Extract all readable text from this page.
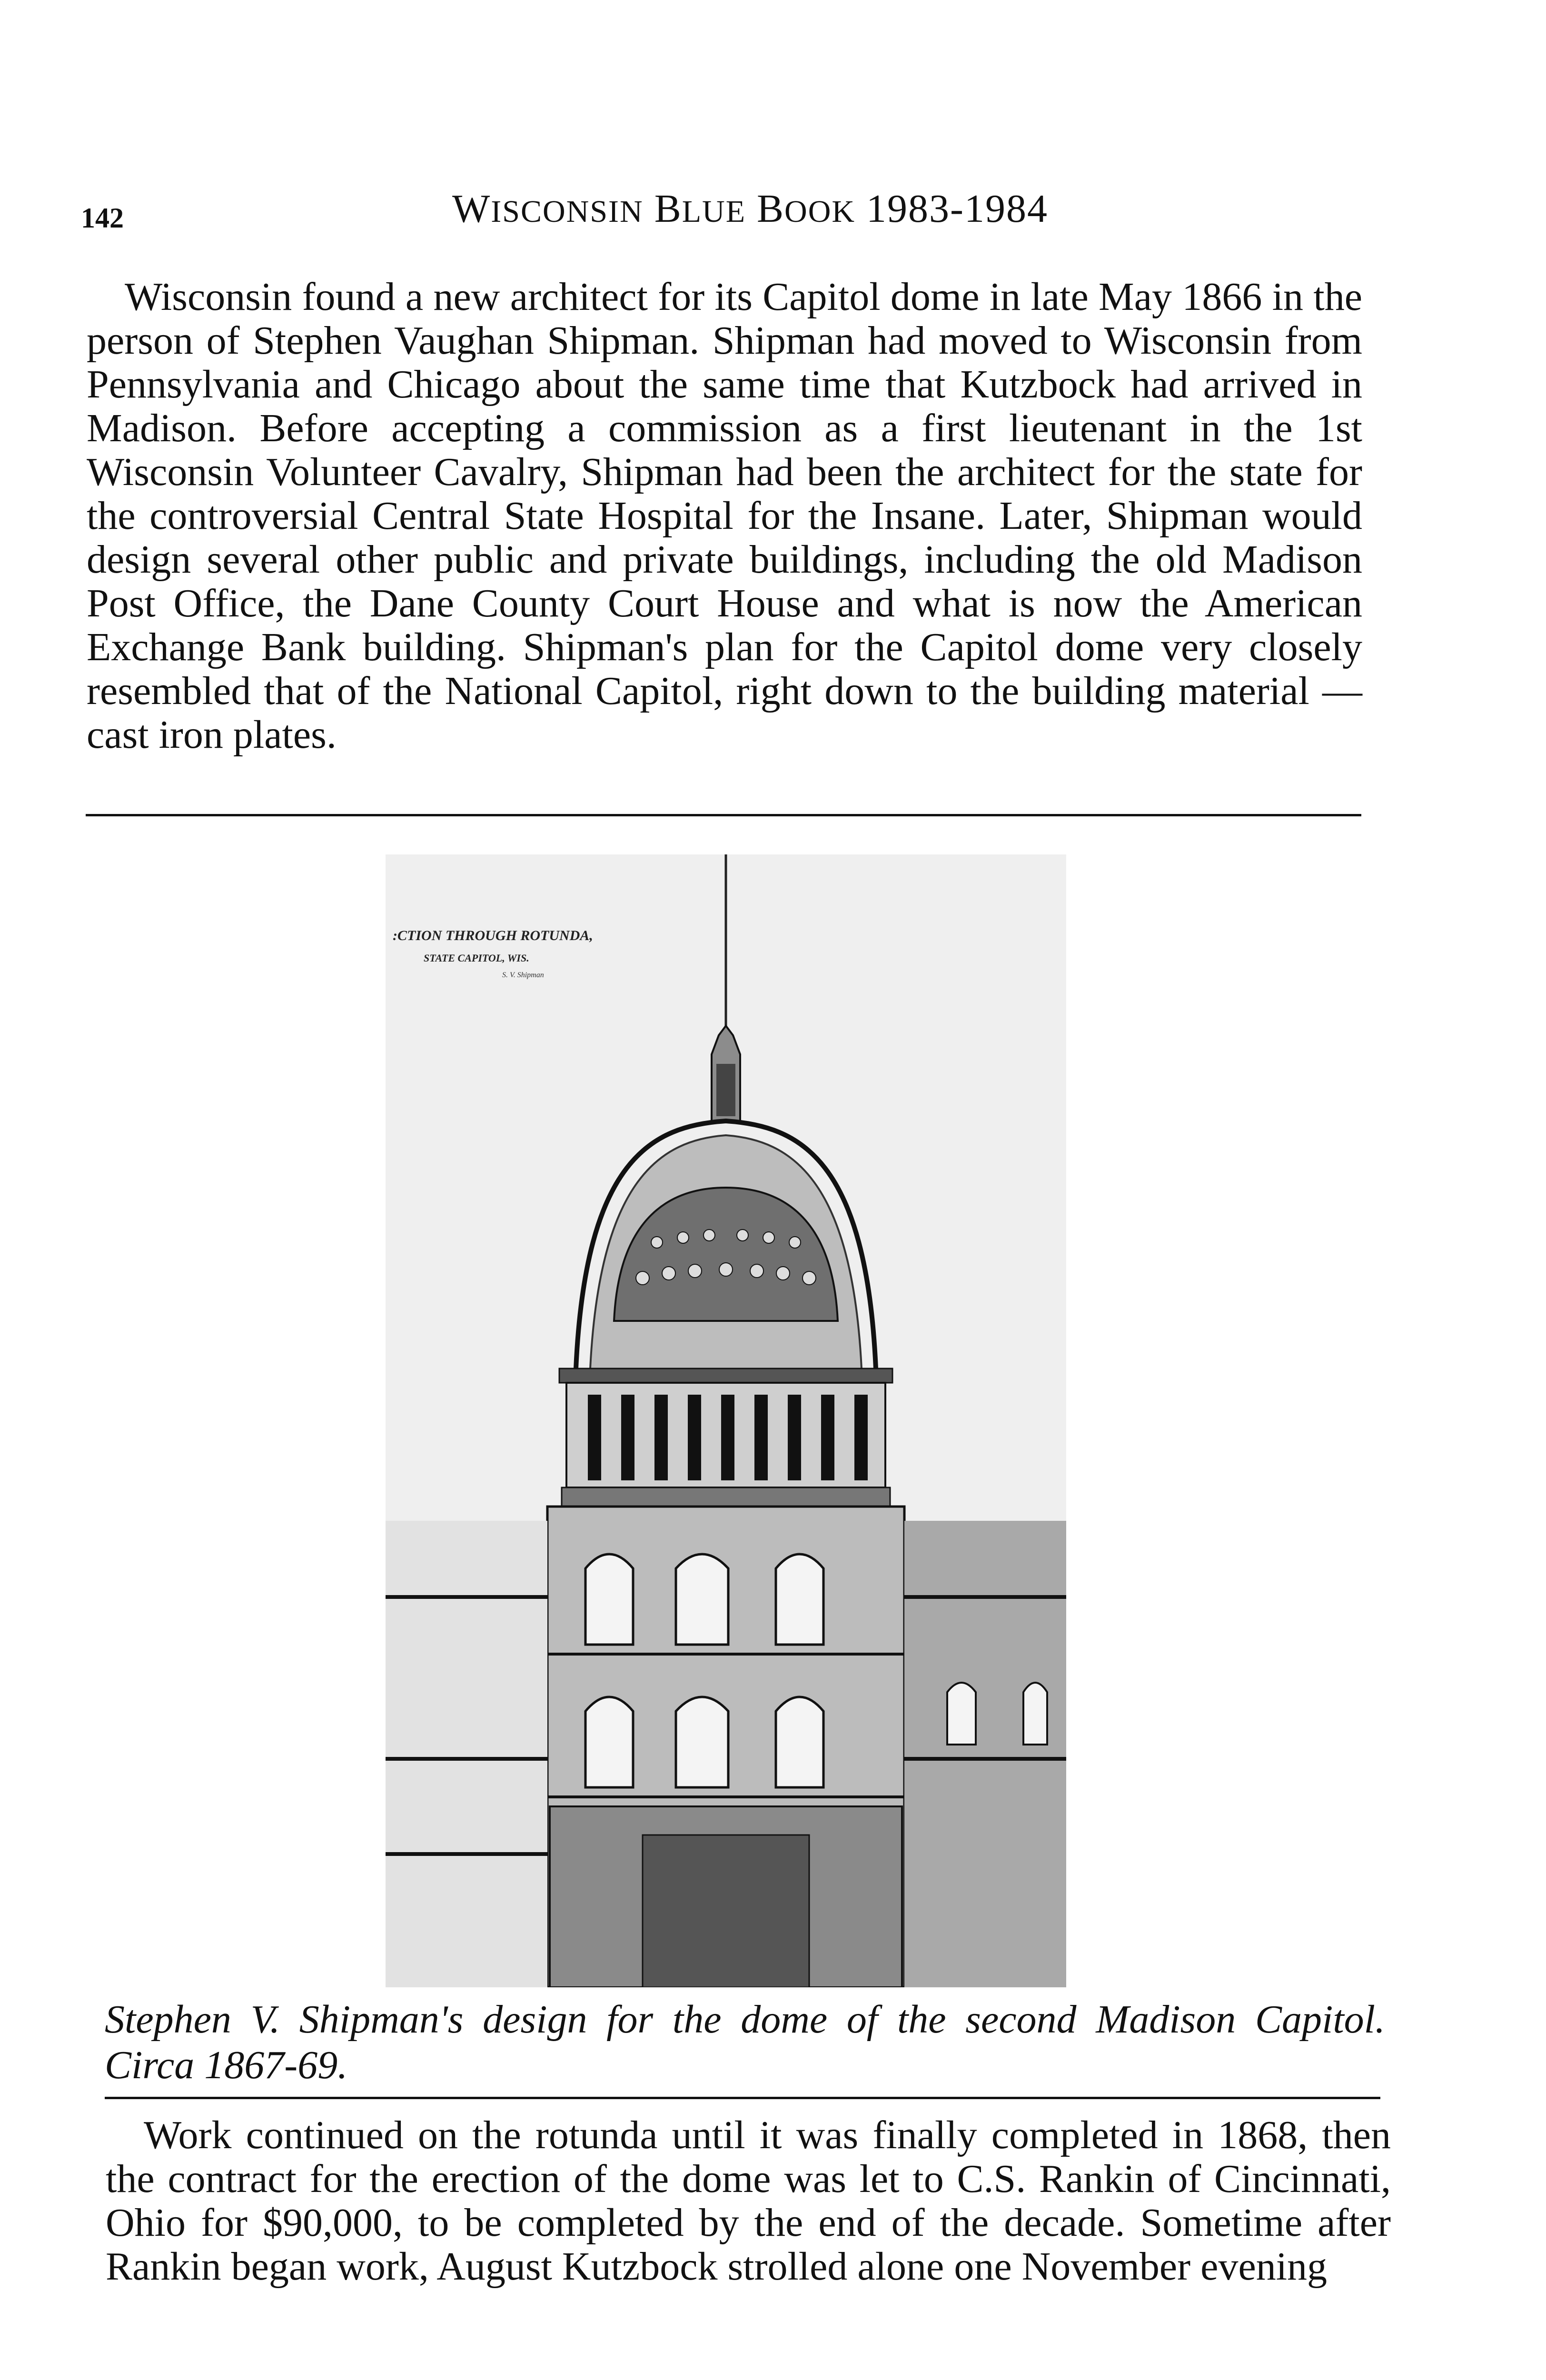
142	WISCONSIN BLUE BOOK 1983-1984

Wisconsin found a new architect for its Capitol dome in late May 1866 in the person of Stephen Vaughan Shipman. Shipman had moved to Wisconsin from Pennsylvania and Chicago about the same time that Kutzbock had arrived in Madison. Before accepting a commission as a first lieutenant in the 1st Wisconsin Volunteer Cavalry, Shipman had been the architect for the state for the controversial Central State Hospital for the Insane. Later, Shipman would design several other public and private buildings, including the old Madison Post Office, the Dane County Court House and what is now the American Exchange Bank building. Shipman's plan for the Capitol dome very closely resembled that of the National Capitol, right down to the building material — cast iron plates.

:CTION THROUGH ROTUNDA,
STATE CAPITOL, WIS.
S. V. Shipman
Stephen V. Shipman's design for the dome of the second Madison Capitol.
Circa 1867-69.

Work continued on the rotunda until it was finally completed in 1868, then the contract for the erection of the dome was let to C.S. Rankin of Cincinnati, Ohio for $90,000, to be completed by the end of the decade. Sometime after Rankin began work, August Kutzbock strolled alone one November evening
